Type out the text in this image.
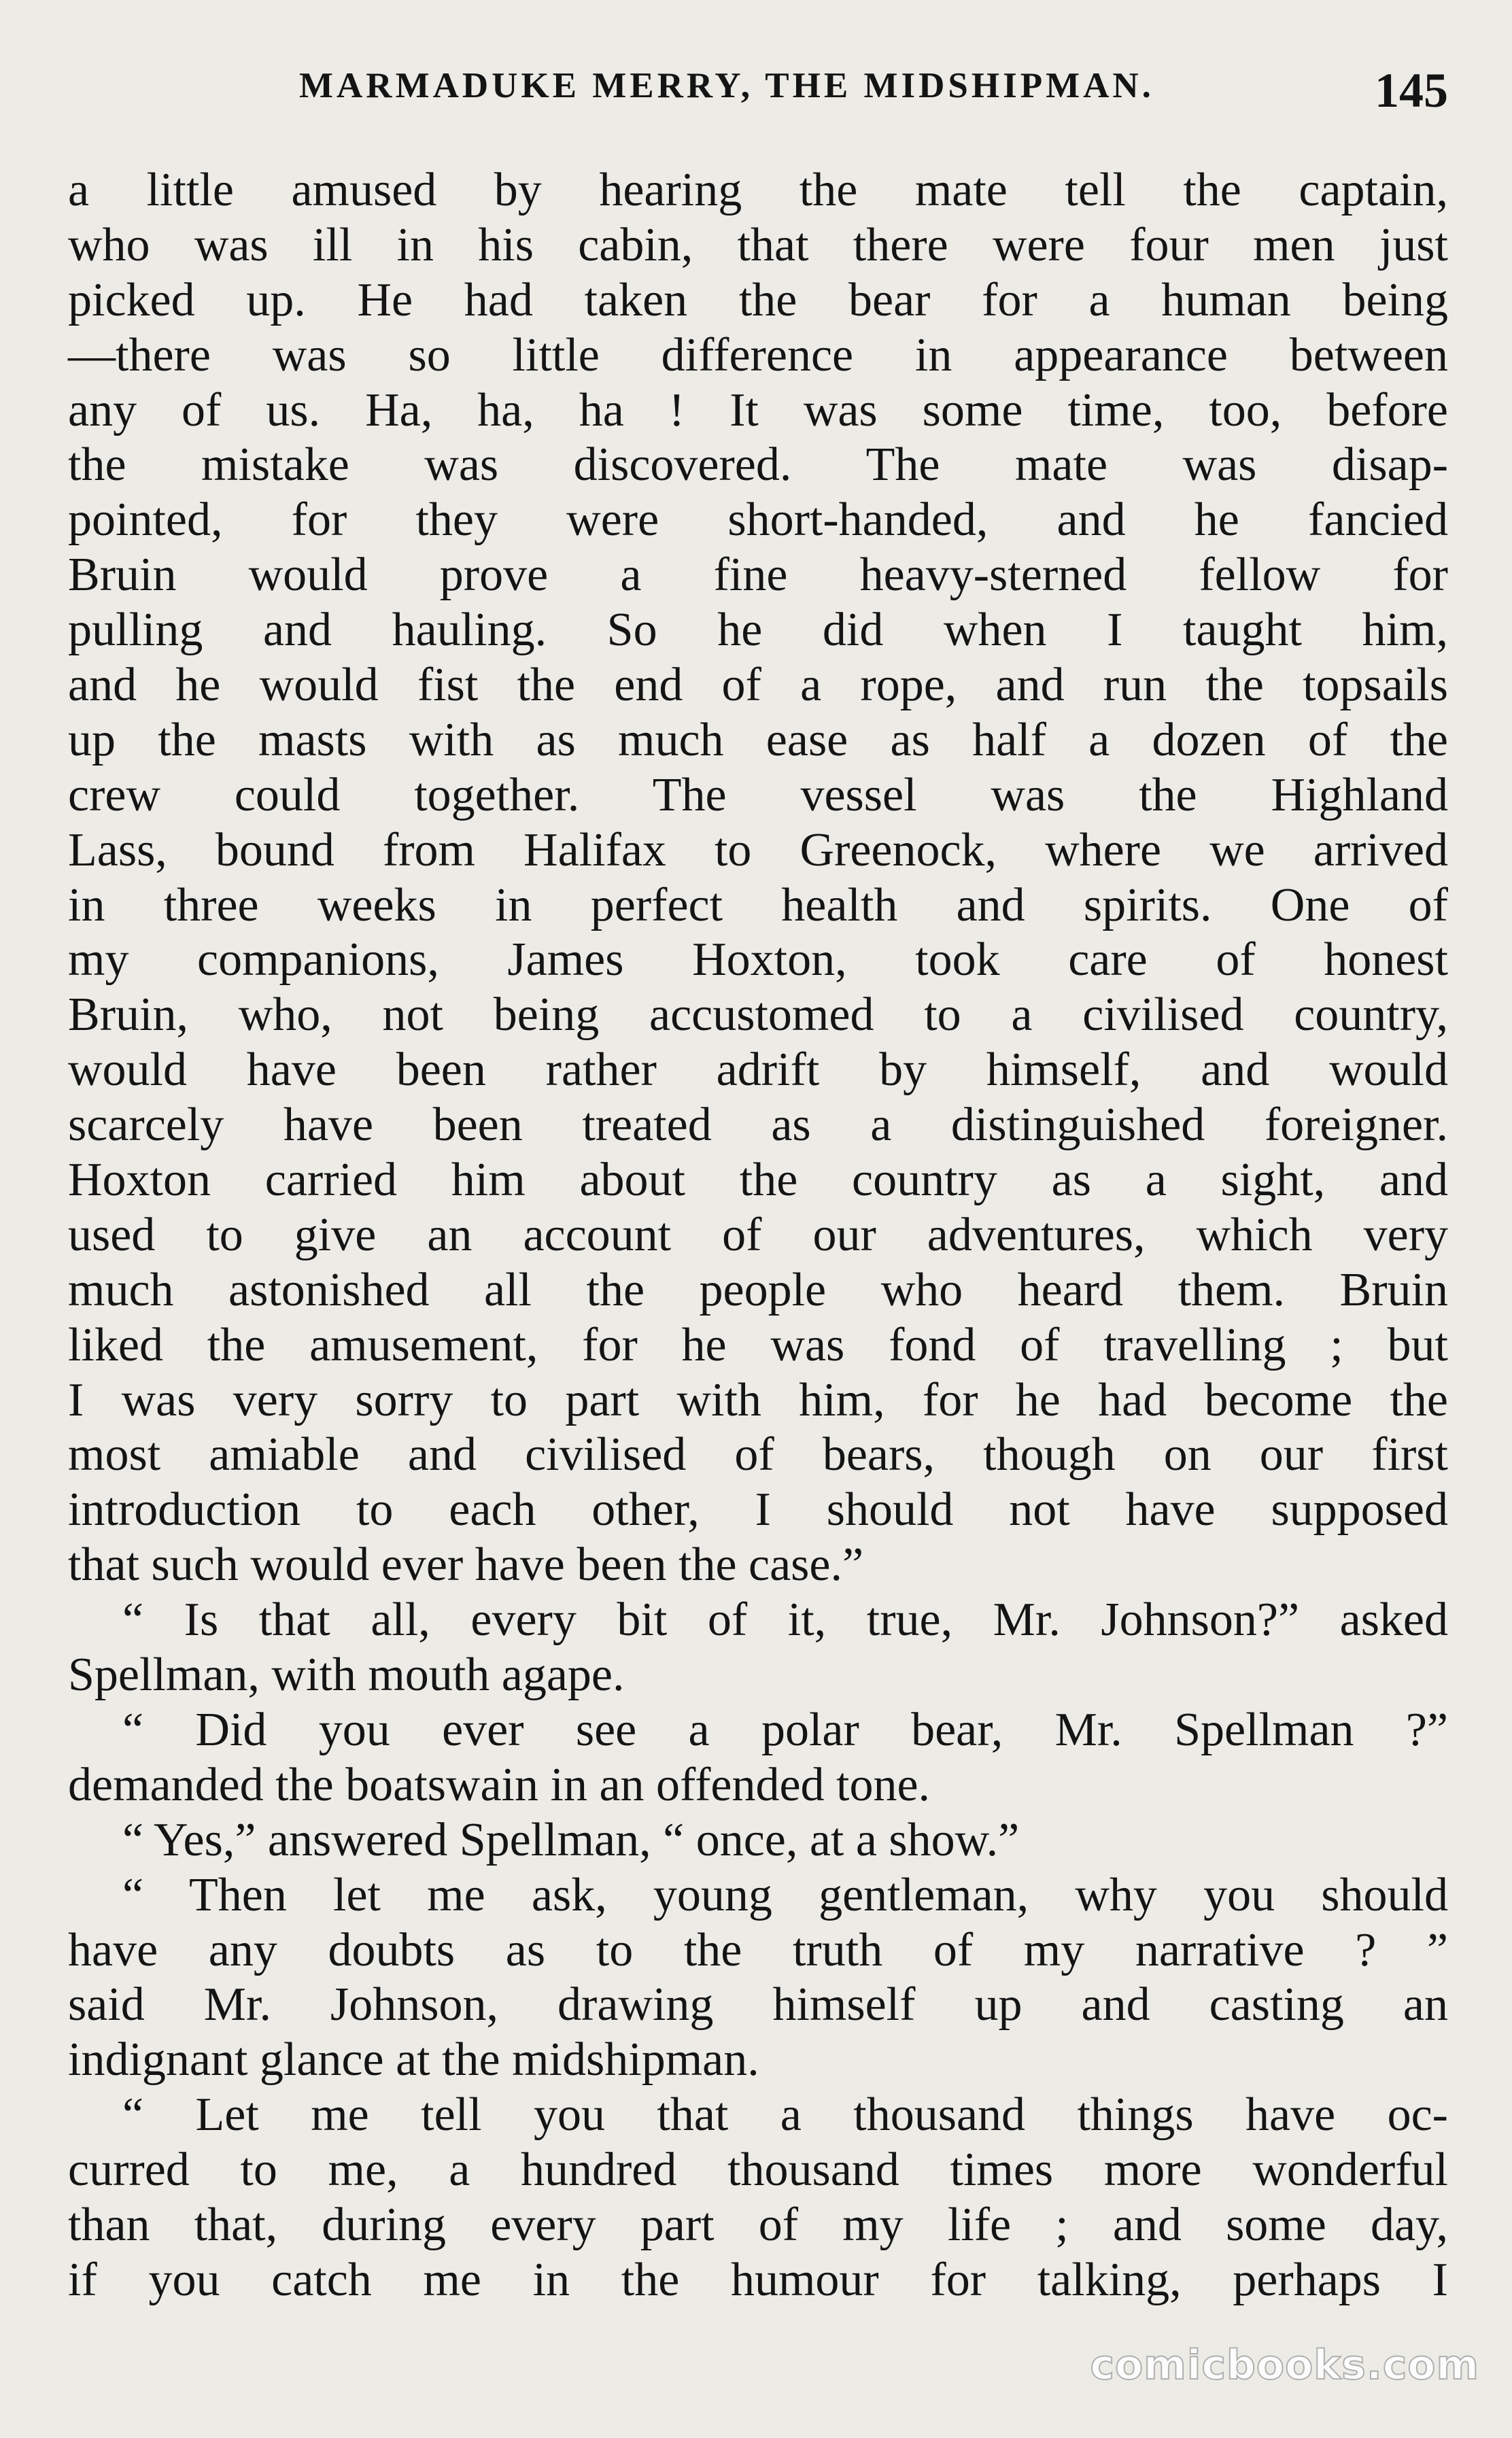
MARMADUKE MERRY, THE MIDSHIPMAN.	145
a little amused by hearing the mate tell the captain,
who was ill in his cabin, that there were four men just
picked up. He had taken the bear for a human being
—there was so little difference in appearance between
any of us. Ha, ha, ha ! It was some time, too, before
the mistake was discovered. The mate was disap-
pointed, for they were short-handed, and he fancied
Bruin would prove a fine heavy-sterned fellow for
pulling and hauling. So he did when I taught him,
and he would fist the end of a rope, and run the topsails
up the masts with as much ease as half a dozen of the
crew could together. The vessel was the Highland
Lass, bound from Halifax to Greenock, where we arrived
in three weeks in perfect health and spirits. One of
my companions, James Hoxton, took care of honest
Bruin, who, not being accustomed to a civilised country,
would have been rather adrift by himself, and would
scarcely have been treated as a distinguished foreigner.
Hoxton carried him about the country as a sight, and
used to give an account of our adventures, which very
much astonished all the people who heard them. Bruin
liked the amusement, for he was fond of travelling ; but
I was very sorry to part with him, for he had become the
most amiable and civilised of bears, though on our first
introduction to each other, I should not have supposed
that such would ever have been the case.”
“ Is that all, every bit of it, true, Mr. Johnson?” asked
Spellman, with mouth agape.
“ Did you ever see a polar bear, Mr. Spellman ?”
demanded the boatswain in an offended tone.
“ Yes,” answered Spellman, “ once, at a show.”
“ Then let me ask, young gentleman, why you should
have any doubts as to the truth of my narrative ? ”
said Mr. Johnson, drawing himself up and casting an
indignant glance at the midshipman.
“ Let me tell you that a thousand things have oc-
curred to me, a hundred thousand times more wonderful
than that, during every part of my life ; and some day,
if you catch me in the humour for talking, perhaps I
comicbooks.com
